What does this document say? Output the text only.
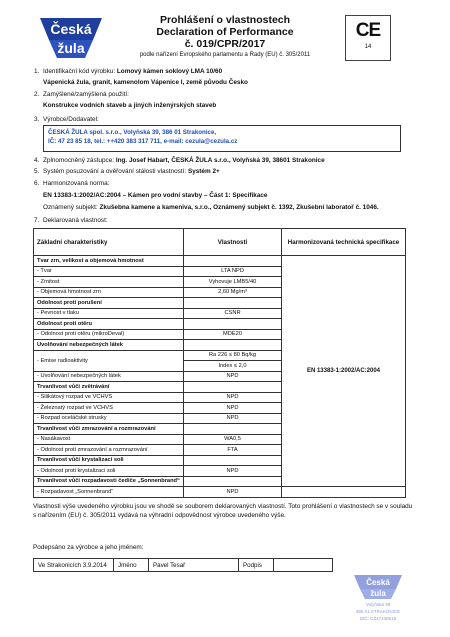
Česká
žula
Prohlášení o vlastnostech
Declaration of Performance
č. 019/CPR/2017
podle nařízení Evropského parlamentu a Rady (EU) č. 305/2011
CE
14
1. Identifikační kód výrobku: Lomový kámen soklový LMA 10/60
Vápenická žula, granit, kamenolom Vápenice I, země původu Česko
2. Zamýšlené/zamýšlená použití:
Konstrukce vodních staveb a jiných inženýrských staveb
3. Výrobce/Dodavatel:
ČESKÁ ŽULA spol. s.r.o., Volyňská 39, 386 01 Strakonice,
IČ: 47 23 85 18, tel.: ++420 383 317 711, e-mail: cezula@cezula.cz
4. Zplnomocněný zástupce: Ing. Josef Habart, ČESKÁ ŽULA s.r.o., Volyňská 39, 38601 Strakonice
5. Systém posuzování a ověřování stálosti vlastností: Systém 2+
6. Harmonizovaná norma:
EN 13383-1:2002/AC:2004 – Kámen pro vodní stavby – Část 1: Specifikace
Oznámený subjekt: Zkušebna kamene a kameniva, s.r.o., Oznámený subjekt č. 1392, Zkušební laboratoř č. 1046.
7. Deklarovaná vlastnost:
Základní charakteristiky	Vlastnosti	Harmonizovaná technická specifikace
Tvar zrn, velikost a objemová hmotnost		EN 13383-1:2002/AC:2004
- Tvar	LTA NPD	
- Zrnitost	Vyhovuje LMB5/40	
- Objemová hmotnost zrn	2,60 Mg/m³	
Odolnost proti porušení		
- Pevnost v tlaku	CSNR	
Odolnost proti otěru		
- Odolnost proti otěru (mikroDeval)	MDE20	
Uvolňování nebezpečných látek		
- Emise radioaktivity	Ra 226 ≤ 80 Bq/kg	
	Index ≤ 2,0	
- Uvolňování nebezpečných látek	NPD	
Trvanlivost vůči zvětrávání		
- Silikátový rozpad ve VCHVS	NPD	
- Železnatý rozpad ve VCHVS	NPD	
- Rozpad oceláčské strusky	NPD	
Trvanlivost vůči zmrazování a rozmrazování		
- Nasákavost	WA0,5	
- Odolnost proti zmrazování a rozmrazování	FTA	
Trvanlivost vůči krystalizaci soli		
- Odolnost proti krystalizaci soli	NPD	
Trvanlivost vůči rozpadavosti čediče „Sonnenbrand“		
- Rozpadavost „Sonnenbrand“	NPD	
Vlastnosti výše uvedeného výrobku jsou ve shodě se souborem deklarovaných vlastností. Toto prohlášení o vlastnostech se v souladu s nařízením (EU) č. 305/2011 vydává na výhradní odpovědnost výrobce uvedeného výše.
Podepsáno za výrobce a jeho jménem:
Ve Strakonicích 3.9.2014	Jméno	Pavel Tesař	Podpis	
Česká
žula
Volyňská 39
386 01 STRAKONICE
DIČ: CZ47238518
